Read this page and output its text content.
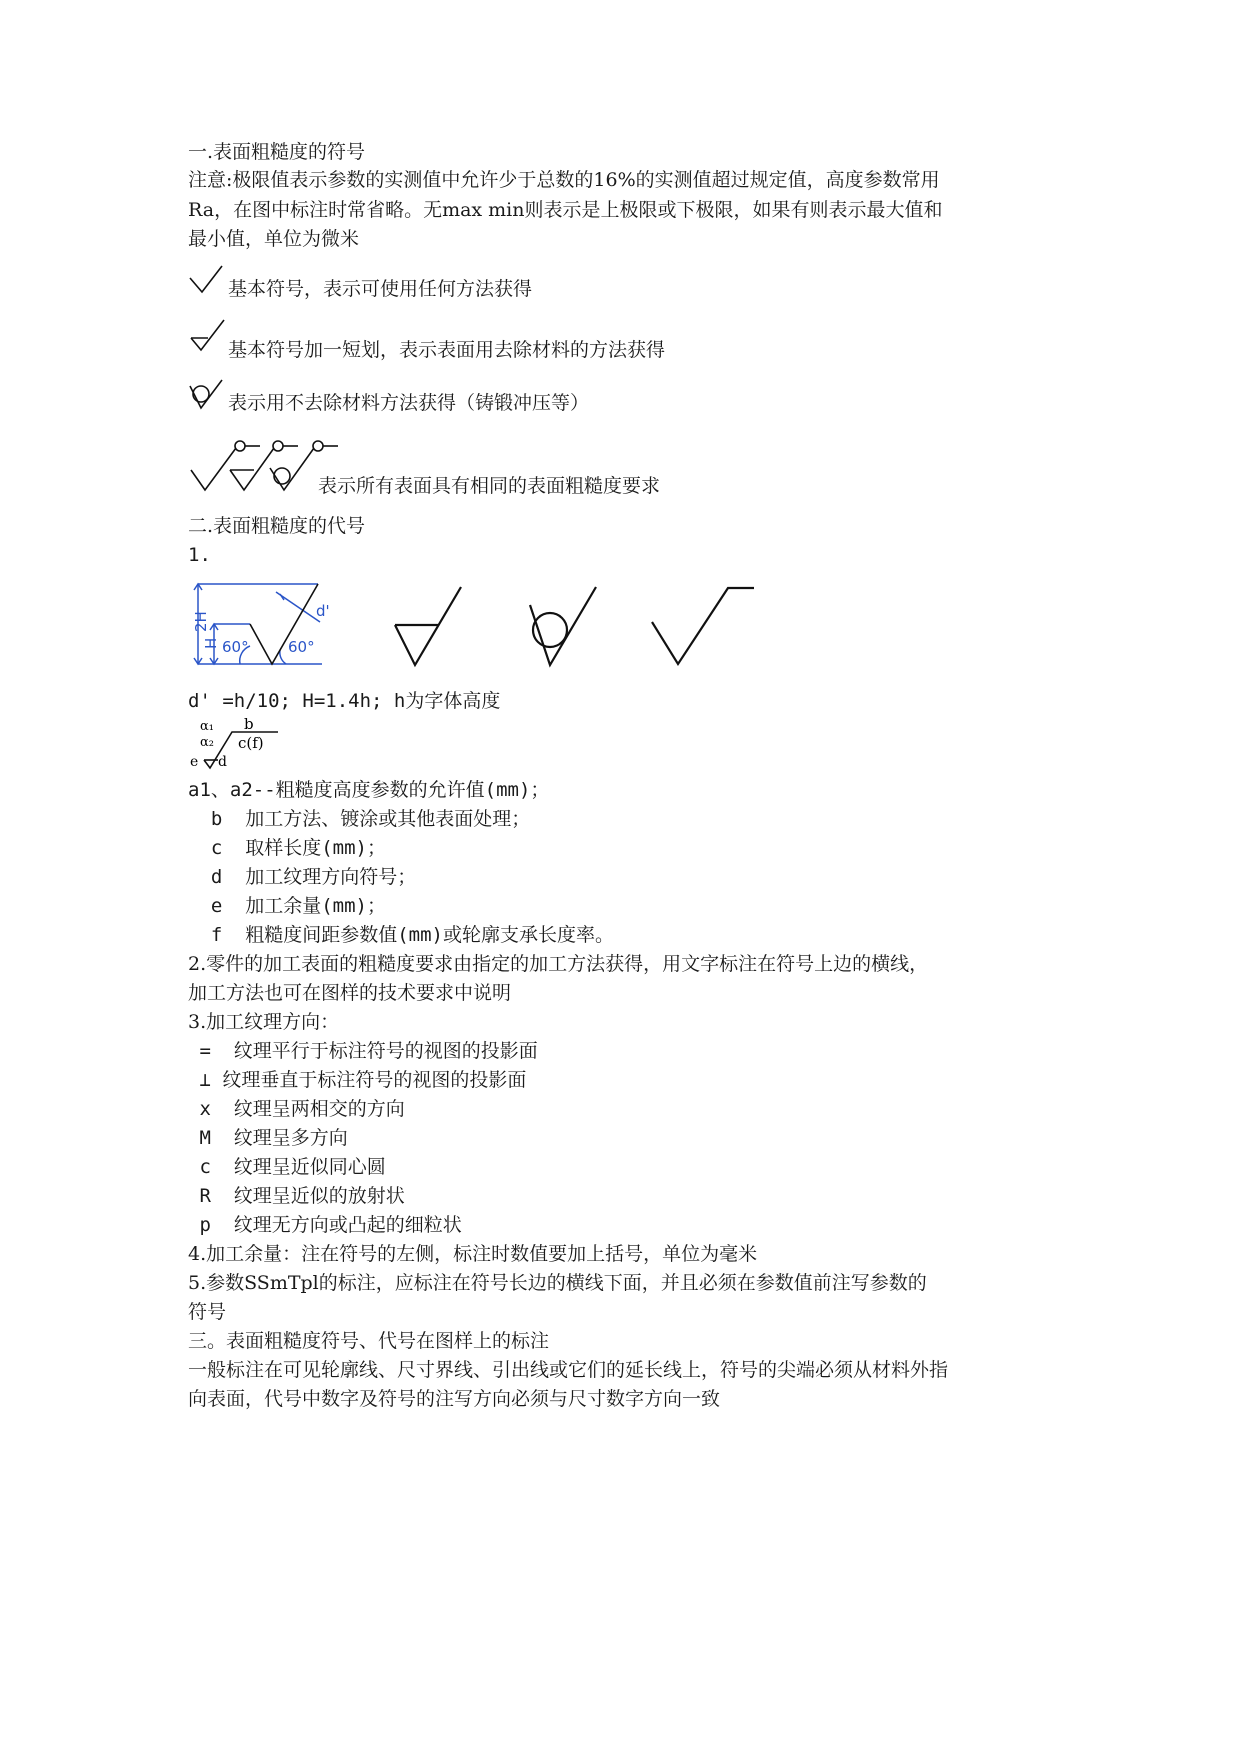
一.表面粗糙度的符号
注意:极限值表示参数的实测值中允许少于总数的16%的实测值超过规定值，高度参数常用
Ra，在图中标注时常省略。无max min则表示是上极限或下极限，如果有则表示最大值和
最小值，单位为微米
基本符号，表示可使用任何方法获得
基本符号加一短划，表示表面用去除材料的方法获得
表示用不去除材料方法获得（铸锻冲压等）
表示所有表面具有相同的表面粗糙度要求
二.表面粗糙度的代号
1.
2H
H 60°	60°
d'
d' =h/10; H=1.4h; h为字体高度
α₁
α₂
b
c(f)
e d
a1、a2--粗糙度高度参数的允许值(mm)；
b  加工方法、镀涂或其他表面处理；
c  取样长度(mm)；
d  加工纹理方向符号；
e  加工余量(mm)；
f  粗糙度间距参数值(mm)或轮廓支承长度率。
2.零件的加工表面的粗糙度要求由指定的加工方法获得，用文字标注在符号上边的横线，
加工方法也可在图样的技术要求中说明
3.加工纹理方向：
=  纹理平行于标注符号的视图的投影面
⊥ 纹理垂直于标注符号的视图的投影面
x  纹理呈两相交的方向
M  纹理呈多方向
c  纹理呈近似同心圆
R  纹理呈近似的放射状
p  纹理无方向或凸起的细粒状
4.加工余量：注在符号的左侧，标注时数值要加上括号，单位为毫米
5.参数SSmTpl的标注，应标注在符号长边的横线下面，并且必须在参数值前注写参数的
符号
三。表面粗糙度符号、代号在图样上的标注
一般标注在可见轮廓线、尺寸界线、引出线或它们的延长线上，符号的尖端必须从材料外指
向表面，代号中数字及符号的注写方向必须与尺寸数字方向一致
